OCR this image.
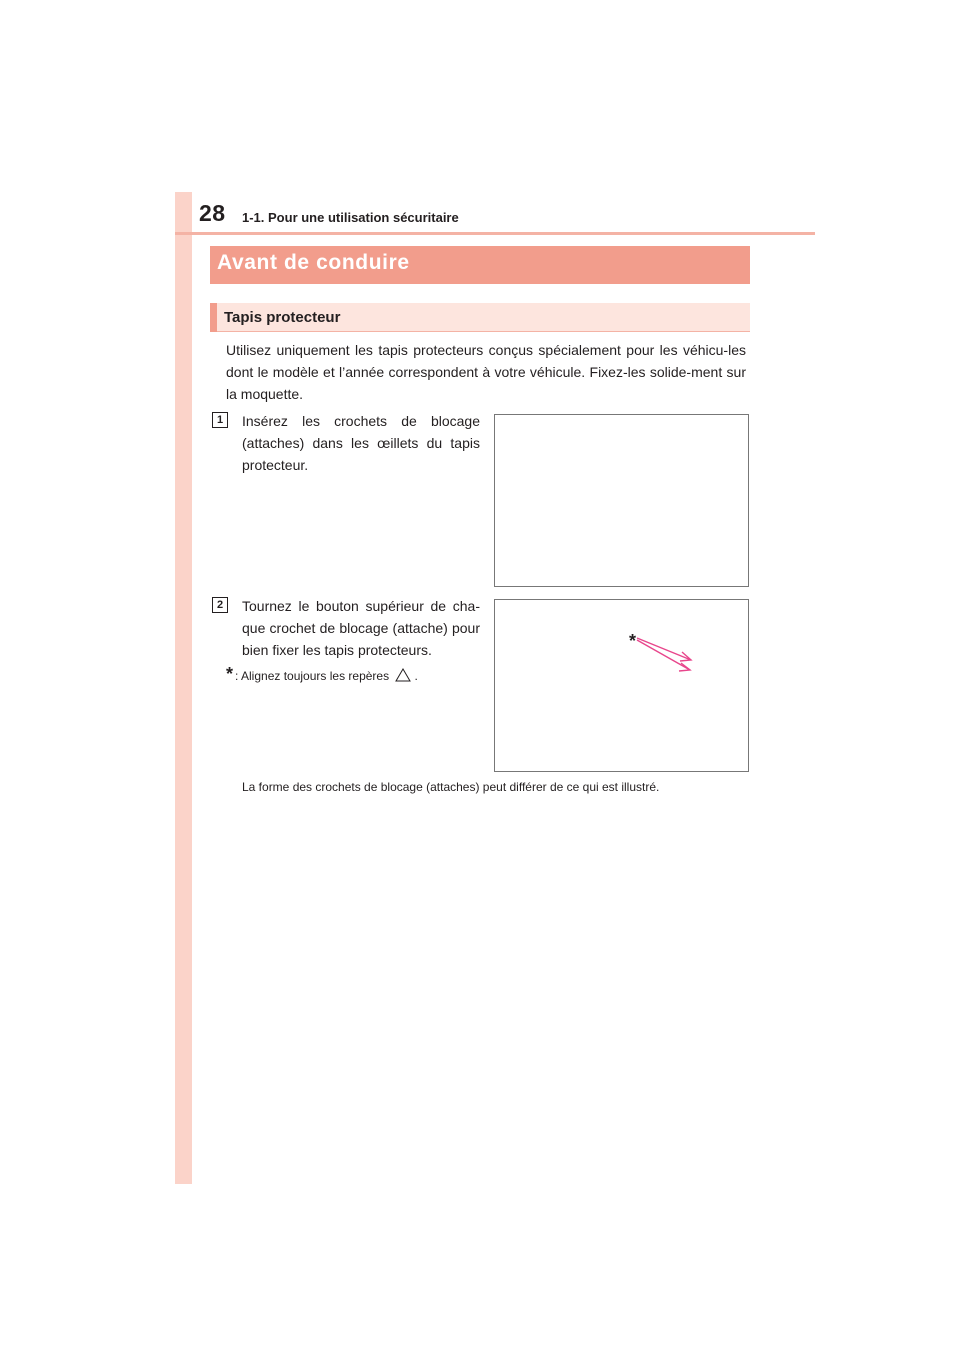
28 1-1. Pour une utilisation sécuritaire
Avant de conduire
Tapis protecteur
Utilisez uniquement les tapis protecteurs conçus spécialement pour les véhicu-les dont le modèle et l’année correspondent à votre véhicule. Fixez-les solide-ment sur la moquette.
1	Insérez les crochets de blocage (attaches) dans les œillets du tapis protecteur.
2	Tournez le bouton supérieur de cha-que crochet de blocage (attache) pour bien fixer les tapis protecteurs.	*
* : Alignez toujours les repères .
La forme des crochets de blocage (attaches) peut différer de ce qui est illustré.
